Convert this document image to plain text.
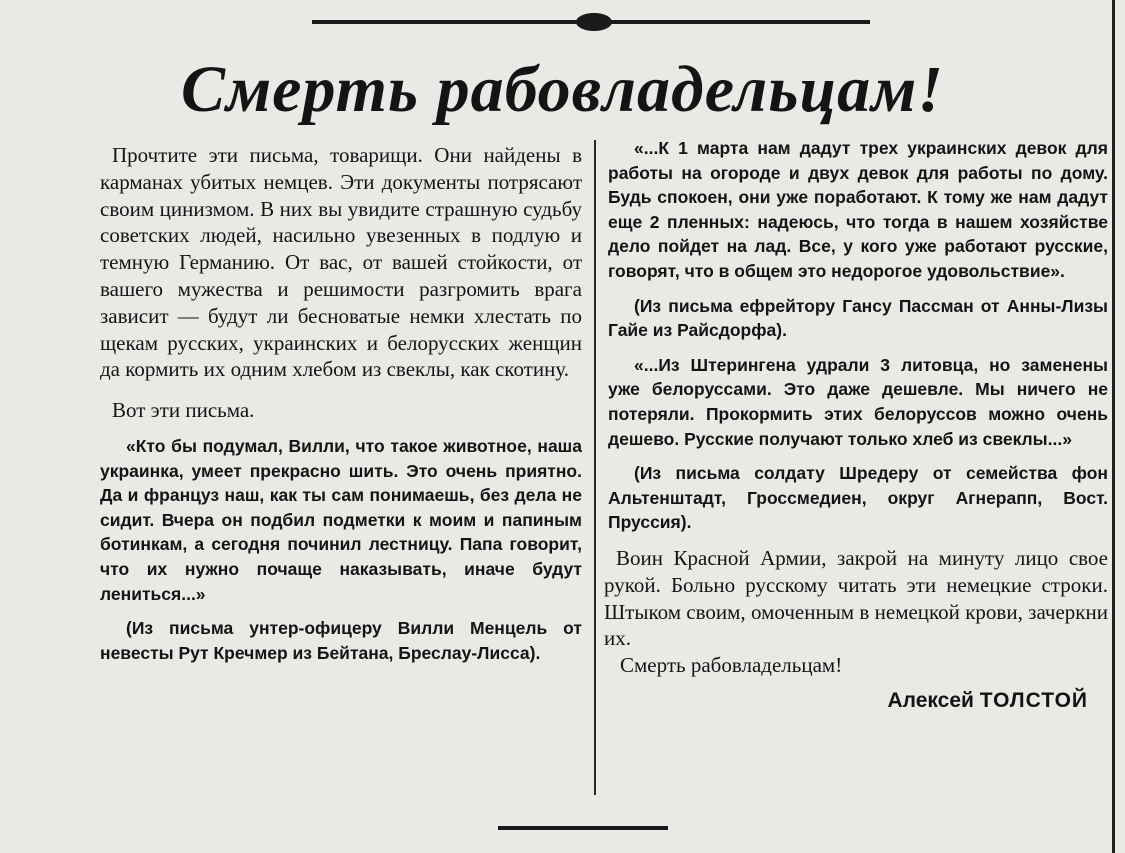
Смерть рабовладельцам!

Прочтите эти письма, товарищи. Они найдены в карманах убитых немцев. Эти документы потрясают своим цинизмом. В них вы увидите страшную судьбу советских людей, насильно увезенных в подлую и темную Германию. От вас, от вашей стойкости, от вашего мужества и решимости разгромить врага зависит — будут ли бесноватые немки хлестать по щекам русских, украинских и белорусских женщин да кормить их одним хлебом из свеклы, как скотину.

Вот эти письма.

«Кто бы подумал, Вилли, что такое животное, наша украинка, умеет прекрасно шить. Это очень приятно. Да и француз наш, как ты сам понимаешь, без дела не сидит. Вчера он подбил подметки к моим и папиным ботинкам, а сегодня починил лестницу. Папа говорит, что их нужно почаще наказывать, иначе будут лениться...»

(Из письма унтер-офицеру Вилли Менцель от невесты Рут Кречмер из Бейтана, Бреслау-Лисса).

«...К 1 марта нам дадут трех украинских девок для работы на огороде и двух девок для работы по дому. Будь спокоен, они уже поработают. К тому же нам дадут еще 2 пленных: надеюсь, что тогда в нашем хозяйстве дело пойдет на лад. Все, у кого уже работают русские, говорят, что в общем это недорогое удовольствие».

(Из письма ефрейтору Гансу Пассман от Анны-Лизы Гайе из Райсдорфа).

«...Из Штерингена удрали 3 литовца, но заменены уже белоруссами. Это даже дешевле. Мы ничего не потеряли. Прокормить этих белоруссов можно очень дешево. Русские получают только хлеб из свеклы...»

(Из письма солдату Шредеру от семейства фон Альтенштадт, Гроссмедиен, округ Агнерапп, Вост. Пруссия).

Воин Красной Армии, закрой на минуту лицо свое рукой. Больно русскому читать эти немецкие строки. Штыком своим, омоченным в немецкой крови, зачеркни их.

Смерть рабовладельцам!

Алексей ТОЛСТОЙ
